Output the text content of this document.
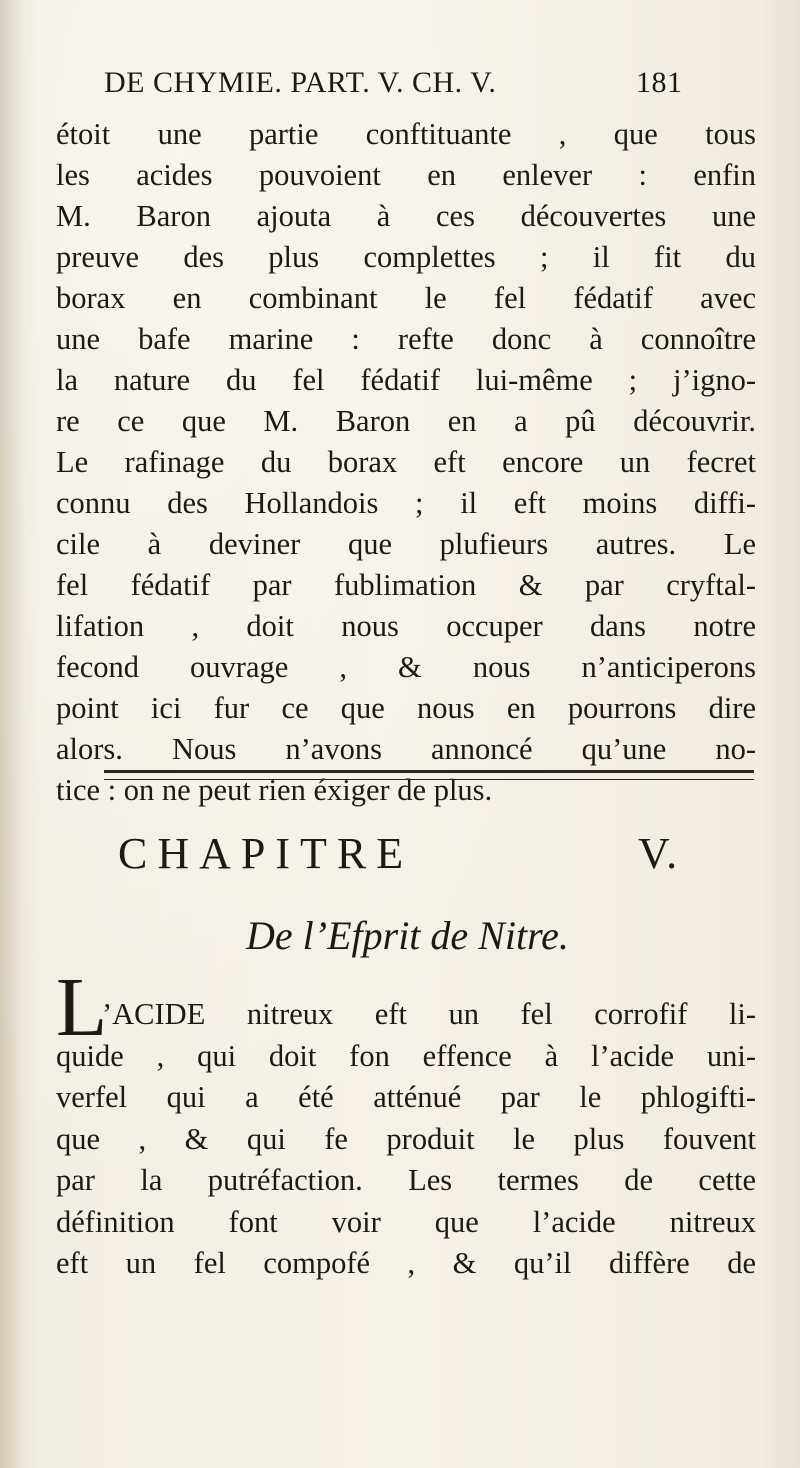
DE CHYMIE. PART. V. CH. V.	181
étoit une partie conftituante , que tous
les acides pouvoient en enlever : enfin
M. Baron ajouta à ces découvertes une
preuve des plus complettes ; il fit du
borax en combinant le fel fédatif avec
une bafe marine : refte donc à connoître
la nature du fel fédatif lui-même ; j’igno-
re ce que M. Baron en a pû découvrir.
Le rafinage du borax eft encore un fecret
connu des Hollandois ; il eft moins diffi-
cile à deviner que plufieurs autres. Le
fel fédatif par fublimation & par cryftal-
lifation , doit nous occuper dans notre
fecond ouvrage , & nous n’anticiperons
point ici fur ce que nous en pourrons dire
alors. Nous n’avons annoncé qu’une no-
tice : on ne peut rien éxiger de plus.
CHAPITRE	V.
De l’Efprit de Nitre.
L
’ACIDE nitreux eft un fel corrofif li-
quide , qui doit fon effence à l’acide uni-
verfel qui a été atténué par le phlogifti-
que , & qui fe produit le plus fouvent
par la putréfaction. Les termes de cette
définition font voir que l’acide nitreux
eft un fel compofé , & qu’il diffère de
